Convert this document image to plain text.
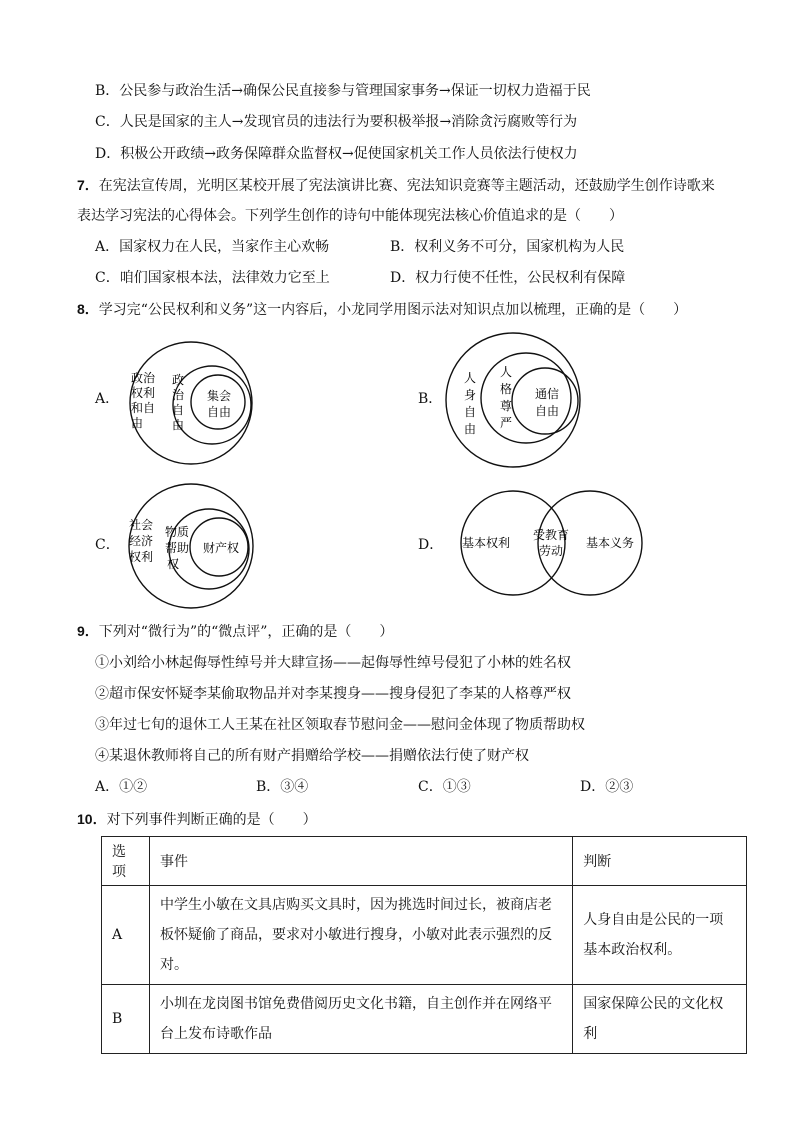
B．公民参与政治生活→确保公民直接参与管理国家事务→保证一切权力造福于民
C．人民是国家的主人→发现官员的违法行为要积极举报→消除贪污腐败等行为
D．积极公开政绩→政务保障群众监督权→促使国家机关工作人员依法行使权力
7．在宪法宣传周，光明区某校开展了宪法演讲比赛、宪法知识竞赛等主题活动，还鼓励学生创作诗歌来
表达学习宪法的心得体会。下列学生创作的诗句中能体现宪法核心价值追求的是（　　）
A．国家权力在人民，当家作主心欢畅	B．权利义务不可分，国家机构为人民
C．咱们国家根本法，法律效力它至上	D．权力行使不任性，公民权利有保障
8．学习完“公民权利和义务”这一内容后，小龙同学用图示法对知识点加以梳理，正确的是（　　）
A．
政治
权利
和自
由
政
治
自
由
集会
自由
B．
人
身
自
由
人
格
尊
严
通信
自由
C．
社会
经济
权利
物质
帮助
权
财产权	D． 基本权利
受教育
劳动
基本义务
9．下列对“微行为”的“微点评”，正确的是（　　）
①小刘给小林起侮辱性绰号并大肆宣扬——起侮辱性绰号侵犯了小林的姓名权
②超市保安怀疑李某偷取物品并对李某搜身——搜身侵犯了李某的人格尊严权
③年过七旬的退休工人王某在社区领取春节慰问金——慰问金体现了物质帮助权
④某退休教师将自己的所有财产捐赠给学校——捐赠依法行使了财产权
A．①②	B．③④	C．①③	D．②③
10．对下列事件判断正确的是（　　）
选项	事件	判断
A	中学生小敏在文具店购买文具时，因为挑选时间过长，被商店老板怀疑偷了商品，要求对小敏进行搜身，小敏对此表示强烈的反对。	人身自由是公民的一项基本政治权利。
B	小圳在龙岗图书馆免费借阅历史文化书籍，自主创作并在网络平台上发布诗歌作品	国家保障公民的文化权利
